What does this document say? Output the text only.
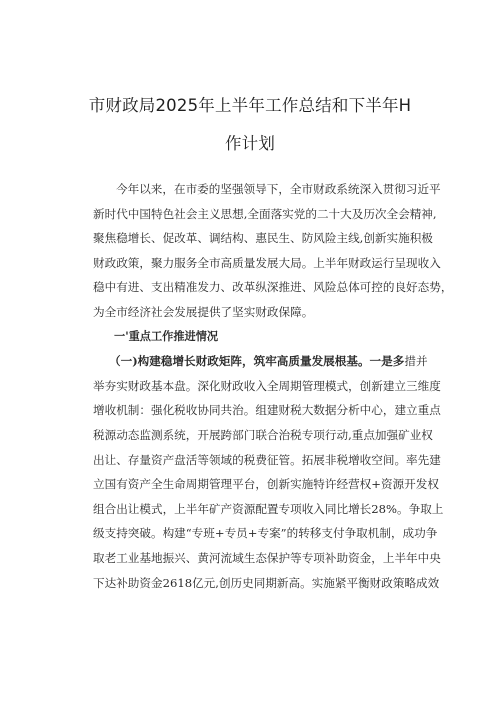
市财政局2025年上半年工作总结和下半年H
作计划
今年以来，在市委的坚强领导下，全市财政系统深入贯彻习近平
新时代中国特色社会主义思想,全面落实党的二十大及历次全会精神,
聚焦稳增长、促改革、调结构、惠民生、防风险主线,创新实施积极
财政政策，聚力服务全市高质量发展大局。上半年财政运行呈现收入
稳中有进、支出精准发力、改革纵深推进、风险总体可控的良好态势，
为全市经济社会发展提供了坚实财政保障。
一'重点工作推进情况
（一)构建稳增长财政矩阵，筑牢高质量发展根基。一是多措并
举夯实财政基本盘。深化财政收入全周期管理模式，创新建立三维度
增收机制：强化税收协同共治。组建财税大数据分析中心，建立重点
税源动态监测系统，开展跨部门联合治税专项行动,重点加强矿业权
出让、存量资产盘活等领域的税费征管。拓展非税增收空间。率先建
立国有资产全生命周期管理平台，创新实施特许经营权+资源开发权
组合出让模式，上半年矿产资源配置专项收入同比增长28%。争取上
级支持突破。构建“专班+专员+专案”的转移支付争取机制，成功争
取老工业基地振兴、黄河流域生态保护等专项补助资金，上半年中央
下达补助资金2618亿元,创历史同期新高。实施紧平衡财政策略成效
